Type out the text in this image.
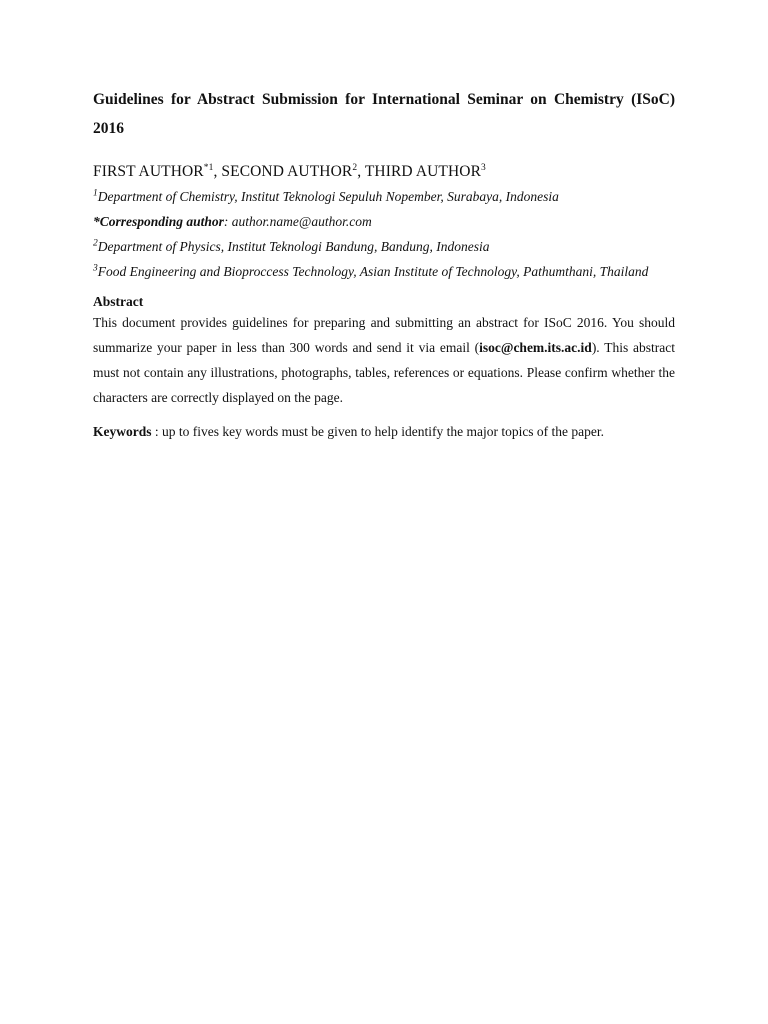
Guidelines for Abstract Submission for International Seminar on Chemistry (ISoC) 2016

FIRST AUTHOR$^{*1}$, SECOND AUTHOR$^2$, THIRD AUTHOR$^3$
$^1$Department of Chemistry, Institut Teknologi Sepuluh Nopember, Surabaya, Indonesia
*Corresponding author: author.name@author.com
$^2$Department of Physics, Institut Teknologi Bandung, Bandung, Indonesia
$^3$Food Engineering and Bioproccess Technology, Asian Institute of Technology, Pathumthani, Thailand
Abstract
This document provides guidelines for preparing and submitting an abstract for ISoC 2016. You should summarize your paper in less than 300 words and send it via email (isoc@chem.its.ac.id). This abstract must not contain any illustrations, photographs, tables, references or equations. Please confirm whether the characters are correctly displayed on the page.
Keywords : up to fives key words must be given to help identify the major topics of the paper.
